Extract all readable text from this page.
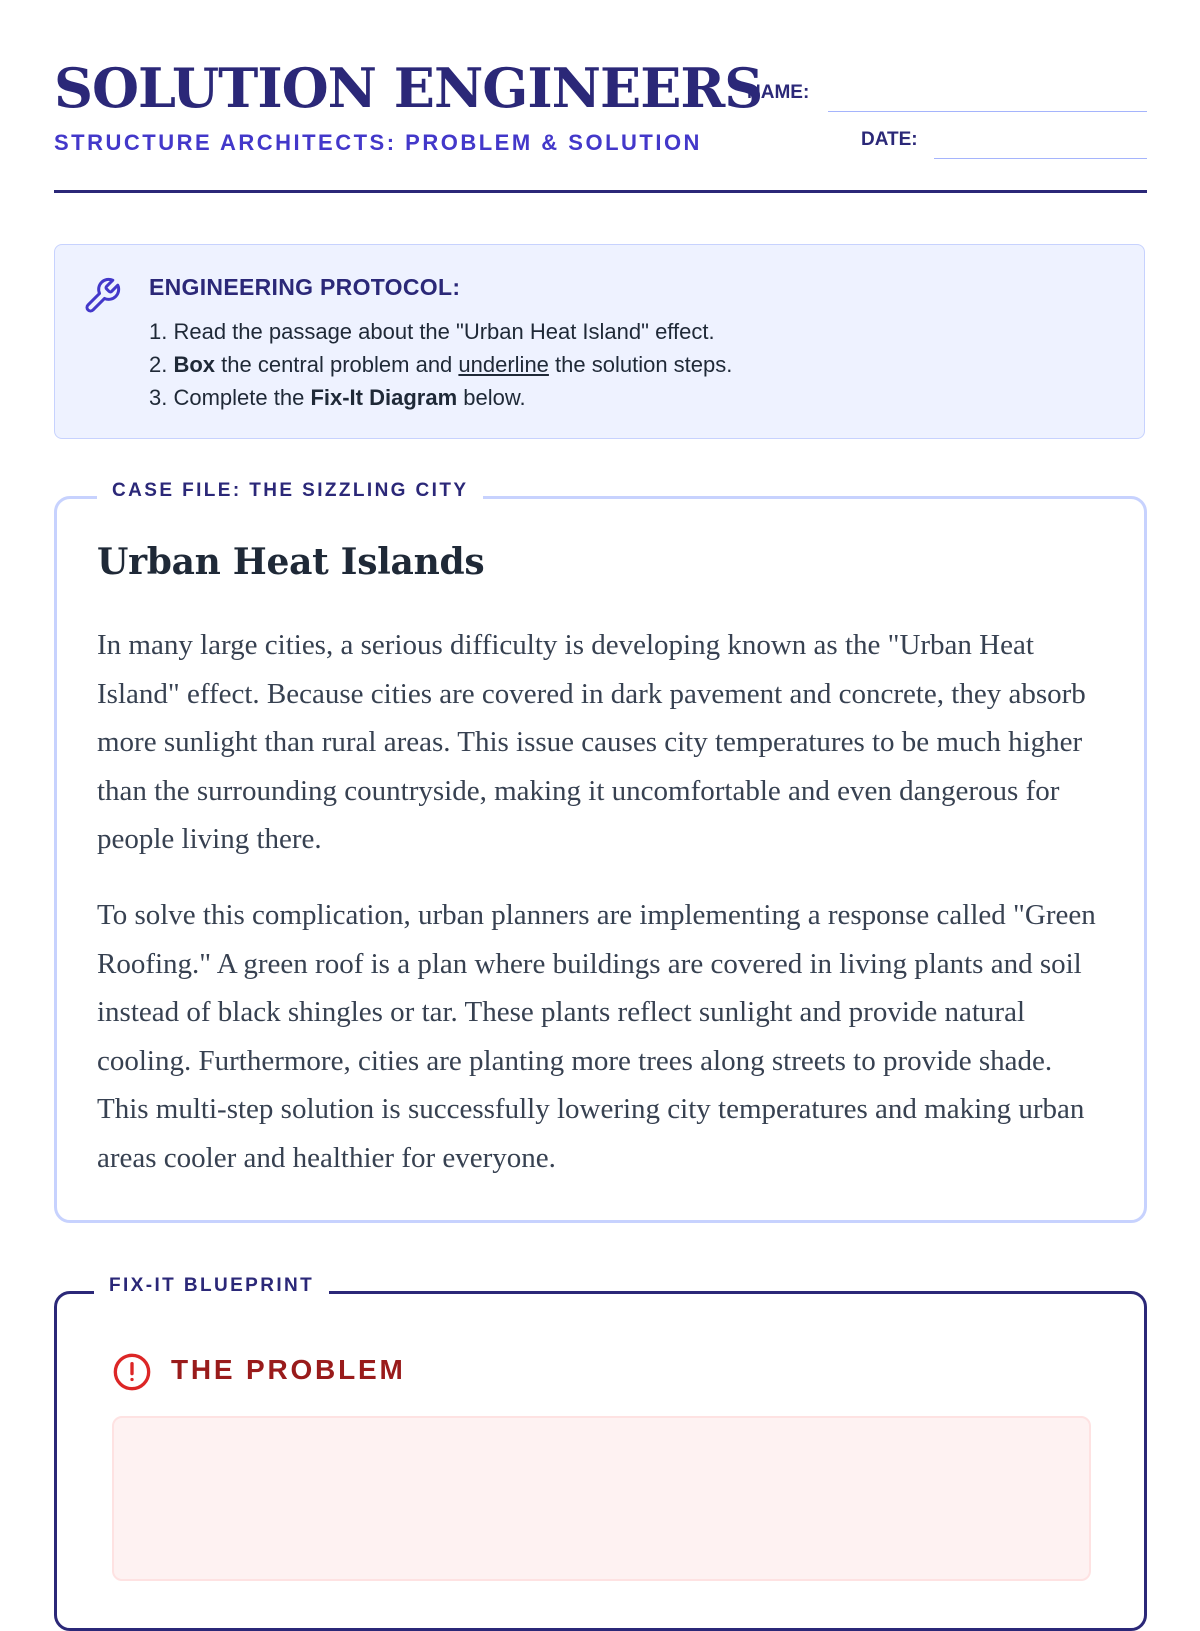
SOLUTION ENGINEERS
STRUCTURE ARCHITECTS: PROBLEM & SOLUTION
NAME:
DATE:
ENGINEERING PROTOCOL:
1. Read the passage about the "Urban Heat Island" effect.
2. Box the central problem and underline the solution steps.
3. Complete the Fix-It Diagram below.
CASE FILE: THE SIZZLING CITY
Urban Heat Islands

In many large cities, a serious difficulty is developing known as the "Urban Heat Island" effect. Because cities are covered in dark pavement and concrete, they absorb more sunlight than rural areas. This issue causes city temperatures to be much higher than the surrounding countryside, making it uncomfortable and even dangerous for people living there.

To solve this complication, urban planners are implementing a response called "Green Roofing." A green roof is a plan where buildings are covered in living plants and soil instead of black shingles or tar. These plants reflect sunlight and provide natural cooling. Furthermore, cities are planting more trees along streets to provide shade. This multi-step solution is successfully lowering city temperatures and making urban areas cooler and healthier for everyone.

FIX-IT BLUEPRINT
THE PROBLEM
